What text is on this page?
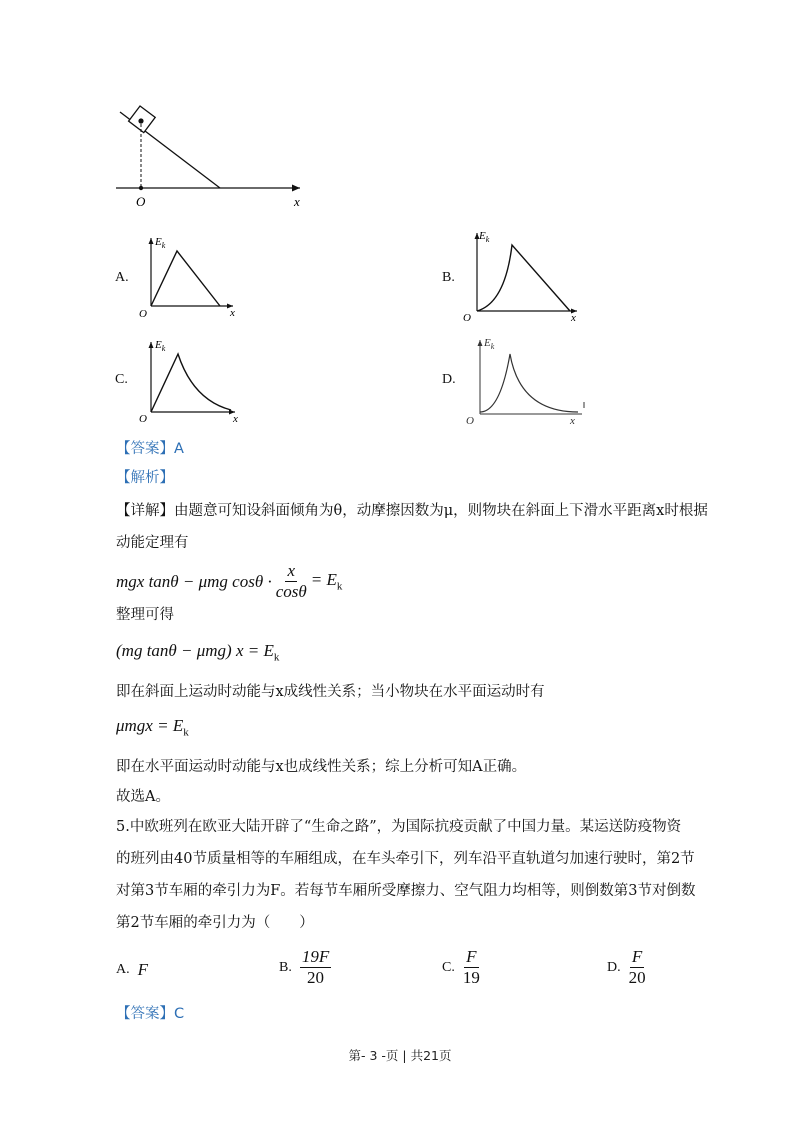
O	x
A.
$E_k$
O	x
B.
$E_k$
O	x
C.
$E_k$
O	x
D.
$E_k$
O	x
【答案】A
【解析】
【详解】由题意可知设斜面倾角为θ，动摩擦因数为μ，则物块在斜面上下滑水平距离x时根据
动能定理有
mgx tanθ − μmg $\cos\theta \cdot \frac{x}{\cos\theta} = E_k$
整理可得
(mg tanθ − μmg) $x = E_k$
即在斜面上运动时动能与x成线性关系；当小物块在水平面运动时有
$\mu mgx = E_k$
即在水平面运动时动能与x也成线性关系；综上分析可知A正确。
故选A。
5.中欧班列在欧亚大陆开辟了“生命之路”，为国际抗疫贡献了中国力量。某运送防疫物资
的班列由40节质量相等的车厢组成，在车头牵引下，列车沿平直轨道匀加速行驶时，第2节
对第3节车厢的牵引力为F。若每节车厢所受摩擦力、空气阻力均相等，则倒数第3节对倒数
第2节车厢的牵引力为（　　）
A. F	B. $\frac{19F}{20}$	C. $\frac{F}{19}$	D. $\frac{F}{20}$
【答案】C
第- 3 -页 | 共21页
